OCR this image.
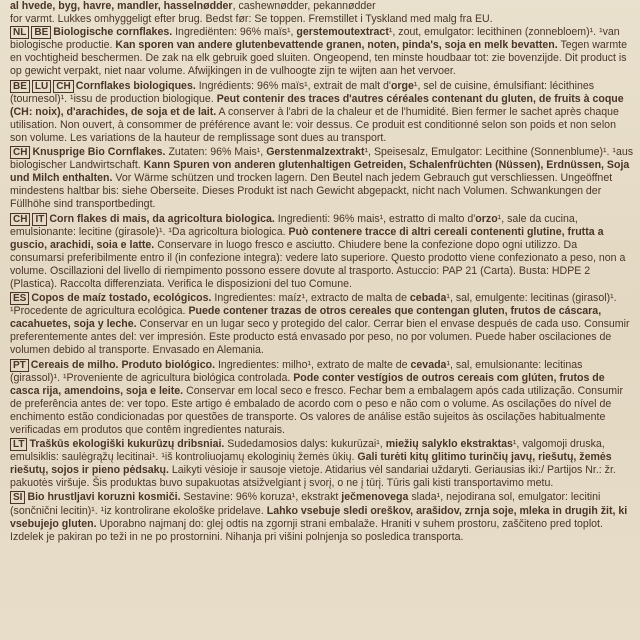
al hvede, byg, havre, mandler, hasselnødder, cashewnødder, pekannødder
for varmt. Lukkes omhyggeligt efter brug. Bedst før: Se toppen. Fremstillet i Tyskland med malg fra EU.

NL BE Biologische cornflakes. Ingrediënten: 96% maïs¹, gerstemoutextract¹, zout, emulgator: lecithinen (zonnebloem)¹. ¹van biologische productie. Kan sporen van andere glutenbevattende granen, noten, pinda's, soja en melk bevatten. Tegen warmte en vochtigheid beschermen. De zak na elk gebruik goed sluiten. Ongeopend, ten minste houdbaar tot: zie bovenzijde. Dit product is op gewicht verpakt, niet naar volume. Afwijkingen in de vulhoogte zijn te wijten aan het vervoer.

BE LU CH Cornflakes biologiques. Ingrédients: 96% maïs¹, extrait de malt d'orge¹, sel de cuisine, émulsifiant: lécithines (tournesol)¹. ¹issu de production biologique. Peut contenir des traces d'autres céréales contenant du gluten, de fruits à coque (CH: noix), d'arachides, de soja et de lait. A conserver à l'abri de la chaleur et de l'humidité. Bien fermer le sachet après chaque utilisation. Non ouvert, à consommer de préférence avant le: voir dessus. Ce produit est conditionné selon son poids et non selon son volume. Les variations de la hauteur de remplissage sont dues au transport.

CH Knusprige Bio Cornflakes. Zutaten: 96% Mais¹, Gerstenmalzextrakt¹, Speisesalz, Emulgator: Lecithine (Sonnenblume)¹. ¹aus biologischer Landwirtschaft. Kann Spuren von anderen glutenhaltigen Getreiden, Schalenfrüchten (Nüssen), Erdnüssen, Soja und Milch enthalten. Vor Wärme schützen und trocken lagern. Den Beutel nach jedem Gebrauch gut verschliessen. Ungeöffnet mindestens haltbar bis: siehe Oberseite. Dieses Produkt ist nach Gewicht abgepackt, nicht nach Volumen. Schwankungen der Füllhöhe sind transportbedingt.

CH IT Corn flakes di mais, da agricoltura biologica. Ingredienti: 96% mais¹, estratto di malto d'orzo¹, sale da cucina, emulsionante: lecitine (girasole)¹. ¹Da agricoltura biologica. Può contenere tracce di altri cereali contenenti glutine, frutta a guscio, arachidi, soia e latte. Conservare in luogo fresco e asciutto. Chiudere bene la confezione dopo ogni utilizzo. Da consumarsi preferibilmente entro il (in confezione integra): vedere lato superiore. Questo prodotto viene confezionato a peso, non a volume. Oscillazioni del livello di riempimento possono essere dovute al trasporto. Astuccio: PAP 21 (Carta). Busta: HDPE 2 (Plastica). Raccolta differenziata. Verifica le disposizioni del tuo Comune.

ES Copos de maíz tostado, ecológicos. Ingredientes: maíz¹, extracto de malta de cebada¹, sal, emulgente: lecitinas (girasol)¹. ¹Procedente de agricultura ecológica. Puede contener trazas de otros cereales que contengan gluten, frutos de cáscara, cacahuetes, soja y leche. Conservar en un lugar seco y protegido del calor. Cerrar bien el envase después de cada uso. Consumir preferentemente antes del: ver impresión. Este producto está envasado por peso, no por volumen. Puede haber oscilaciones de volumen debido al transporte. Envasado en Alemania.

PT Cereais de milho. Produto biológico. Ingredientes: milho¹, extrato de malte de cevada¹, sal, emulsionante: lecitinas (girassol)¹. ¹Proveniente de agricultura biológica controlada. Pode conter vestígios de outros cereais com glúten, frutos de casca rija, amendoins, soja e leite. Conservar em local seco e fresco. Fechar bem a embalagem após cada utilização. Consumir de preferência antes de: ver topo. Este artigo é embalado de acordo com o peso e não com o volume. As oscilações do nível de enchimento estão condicionadas por questões de transporte. Os valores de análise estão sujeitos às oscilações habitualmente verificadas em produtos que contêm ingredientes naturais.

LT Traškūs ekologiški kukurūzų dribsniai. Sudedamosios dalys: kukurūzai¹, miežių salyklo ekstraktas¹, valgomoji druska, emulsiklis: saulėgrąžų lecitinai¹. ¹iš kontroliuojamų ekologinių žemės ūkių. Gali turėti kitų glitimo turinčių javų, riešutų, žemės riešutų, sojos ir pieno pėdsakų. Laikyti vėsioje ir sausoje vietoje. Atidarius vėl sandariai uždaryti. Geriausias iki:/ Partijos Nr.: žr. pakuotės viršuje. Šis produktas buvo supakuotas atsižvelgiant į svorį, o ne į tūrį. Tūris gali kisti transportavimo metu.

SI Bio hrustljavi koruzni kosmiči. Sestavine: 96% koruza¹, ekstrakt ječmenovega slada¹, nejodirana sol, emulgator: lecitini (sončnični lecitin)¹. ¹iz kontrolirane ekološke pridelave. Lahko vsebuje sledi oreškov, arašidov, zrnja soje, mleka in drugih žit, ki vsebujejo gluten. Uporabno najmanj do: glej odtis na zgornji strani embalaže. Hraniti v suhem prostoru, zaščiteno pred toplot. Izdelek je pakiran po teži in ne po prostornini. Nihanja pri višini polnjenja so posledica transporta.
